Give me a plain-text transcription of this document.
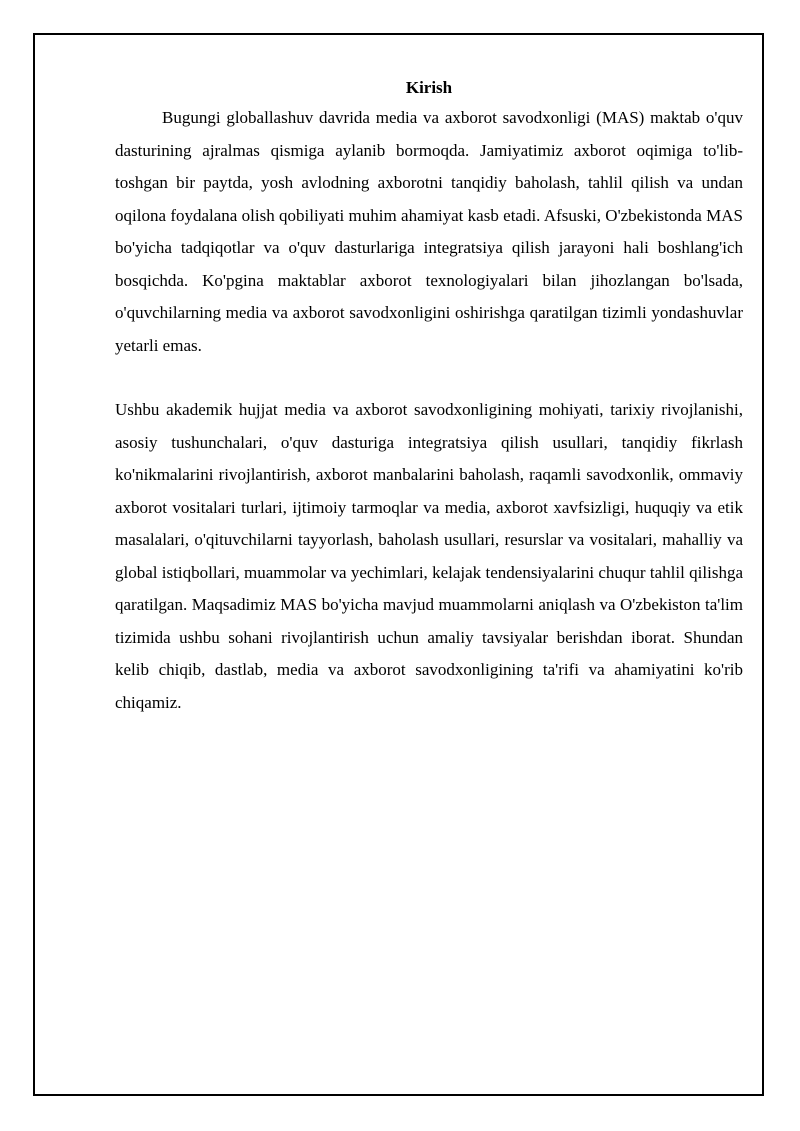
Kirish

Bugungi globallashuv davrida media va axborot savodxonligi (MAS) maktab o'quv dasturining ajralmas qismiga aylanib bormoqda. Jamiyatimiz axborot oqimiga to'lib-toshgan bir paytda, yosh avlodning axborotni tanqidiy baholash, tahlil qilish va undan oqilona foydalana olish qobiliyati muhim ahamiyat kasb etadi. Afsuski, O'zbekistonda MAS bo'yicha tadqiqotlar va o'quv dasturlariga integratsiya qilish jarayoni hali boshlang'ich bosqichda. Ko'pgina maktablar axborot texnologiyalari bilan jihozlangan bo'lsada, o'quvchilarning media va axborot savodxonligini oshirishga qaratilgan tizimli yondashuvlar yetarli emas.

Ushbu akademik hujjat media va axborot savodxonligining mohiyati, tarixiy rivojlanishi, asosiy tushunchalari, o'quv dasturiga integratsiya qilish usullari, tanqidiy fikrlash ko'nikmalarini rivojlantirish, axborot manbalarini baholash, raqamli savodxonlik, ommaviy axborot vositalari turlari, ijtimoiy tarmoqlar va media, axborot xavfsizligi, huquqiy va etik masalalari, o'qituvchilarni tayyorlash, baholash usullari, resurslar va vositalari, mahalliy va global istiqbollari, muammolar va yechimlari, kelajak tendensiyalarini chuqur tahlil qilishga qaratilgan. Maqsadimiz MAS bo'yicha mavjud muammolarni aniqlash va O'zbekiston ta'lim tizimida ushbu sohani rivojlantirish uchun amaliy tavsiyalar berishdan iborat. Shundan kelib chiqib, dastlab, media va axborot savodxonligining ta'rifi va ahamiyatini ko'rib chiqamiz.
